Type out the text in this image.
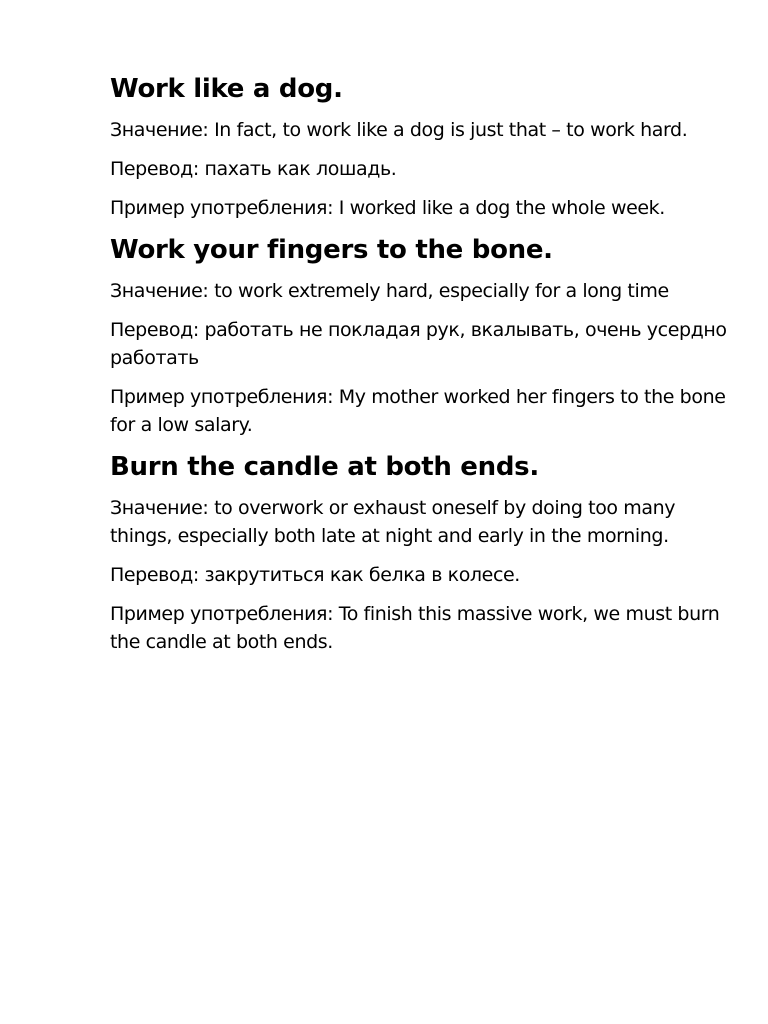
Work like a dog.

Значение: In fact, to work like a dog is just that – to work hard.

Перевод: пахать как лошадь.

Пример употребления: I worked like a dog the whole week.

Work your fingers to the bone.

Значение: to work extremely hard, especially for a long time

Перевод: работать не покладая рук, вкалывать, очень усердно работать

Пример употребления: My mother worked her fingers to the bone for a low salary.

Burn the candle at both ends.

Значение: to overwork or exhaust oneself by doing too many things, especially both late at night and early in the morning.

Перевод: закрутиться как белка в колесе.

Пример употребления: To finish this massive work, we must burn the candle at both ends.
